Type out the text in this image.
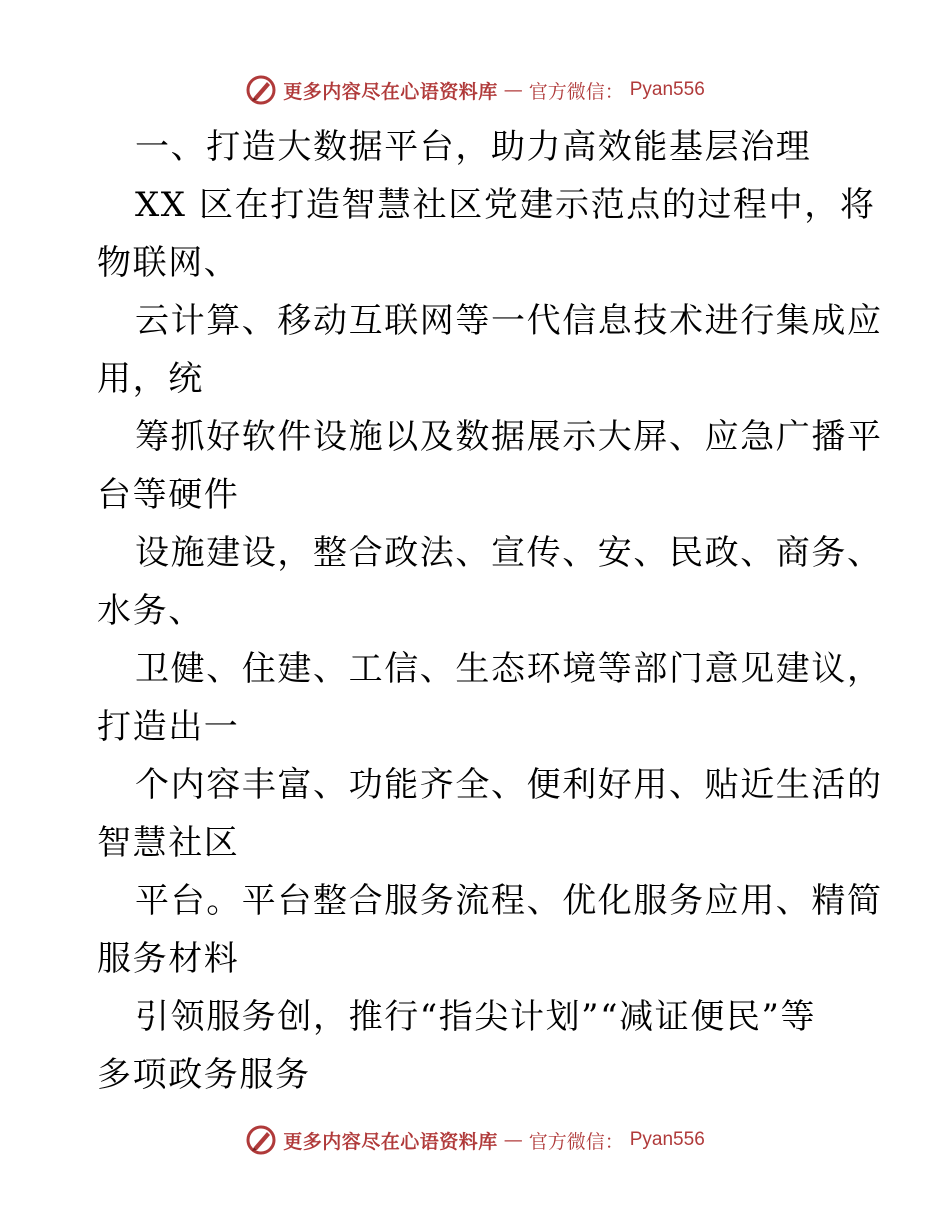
更多内容尽在心语资料库 — 官方微信： Pyan556
一、打造大数据平台，助力高效能基层治理
XX 区在打造智慧社区党建示范点的过程中，将
物联网、
云计算、移动互联网等一代信息技术进行集成应
用，统
筹抓好软件设施以及数据展示大屏、应急广播平
台等硬件
设施建设，整合政法、宣传、安、民政、商务、
水务、
卫健、住建、工信、生态环境等部门意见建议，
打造出一
个内容丰富、功能齐全、便利好用、贴近生活的
智慧社区
平台。平台整合服务流程、优化服务应用、精简
服务材料
引领服务创，推行“指尖计划”“减证便民”等
多项政务服务
更多内容尽在心语资料库 — 官方微信： Pyan556
